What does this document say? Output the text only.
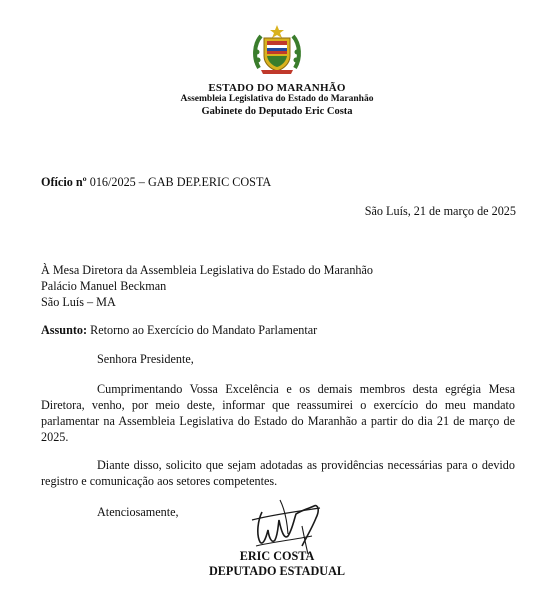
ESTADO DO MARANHÃO
Assembleia Legislativa do Estado do Maranhão
Gabinete do Deputado Eric Costa
Ofício nº 016/2025 – GAB DEP.ERIC COSTA
São Luís, 21 de março de 2025
À Mesa Diretora da Assembleia Legislativa do Estado do Maranhão
Palácio Manuel Beckman
São Luís – MA
Assunto: Retorno ao Exercício do Mandato Parlamentar
Senhora Presidente,
Cumprimentando Vossa Excelência e os demais membros desta egrégia Mesa Diretora, venho, por meio deste, informar que reassumirei o exercício do meu mandato parlamentar na Assembleia Legislativa do Estado do Maranhão a partir do dia 21 de março de 2025.
Diante disso, solicito que sejam adotadas as providências necessárias para o devido registro e comunicação aos setores competentes.
Atenciosamente,
ERIC COSTA
DEPUTADO ESTADUAL
